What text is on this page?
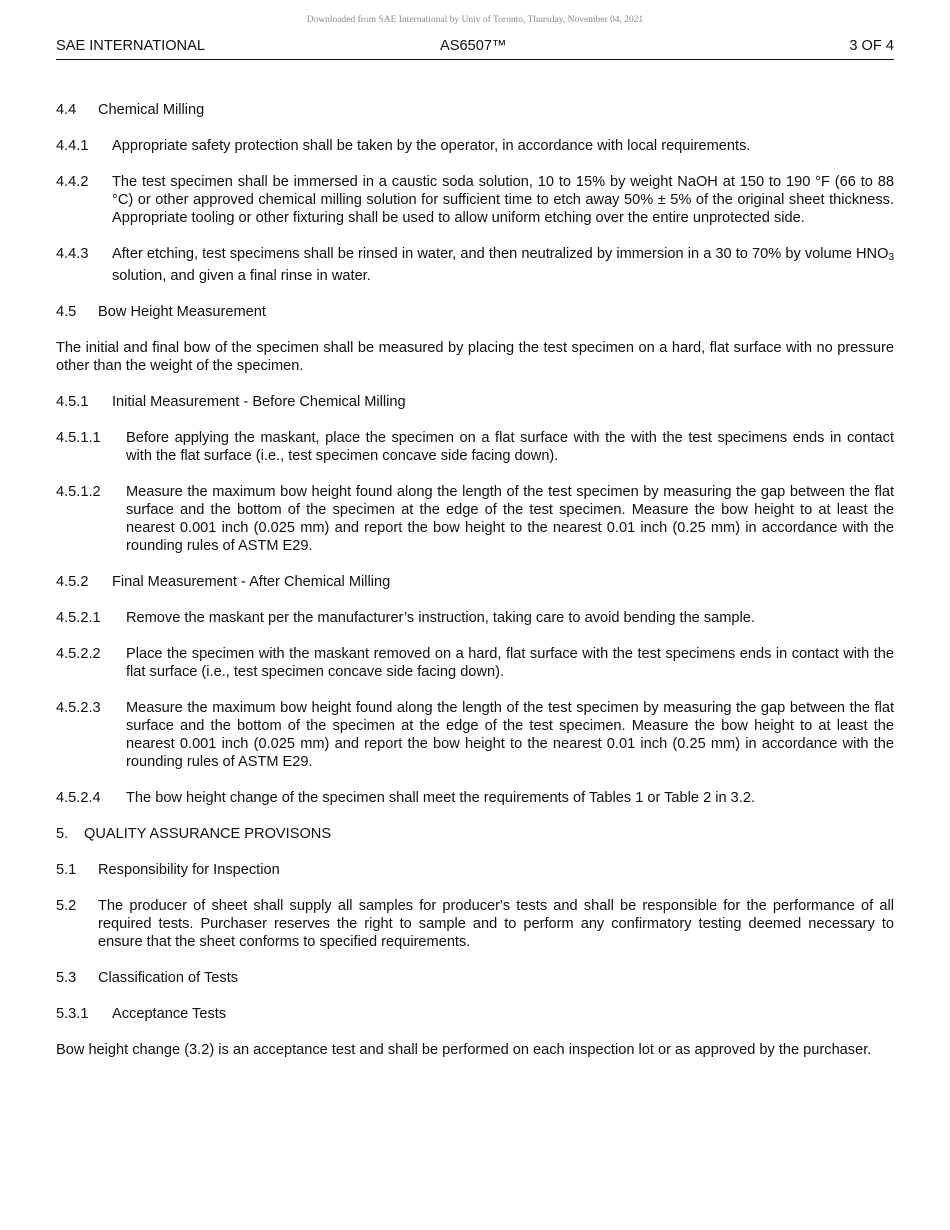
Downloaded from SAE International by Univ of Toronto, Thursday, November 04, 2021
SAE INTERNATIONAL	AS6507™	3 OF 4
4.4	Chemical Milling
4.4.1	Appropriate safety protection shall be taken by the operator, in accordance with local requirements.
4.4.2	The test specimen shall be immersed in a caustic soda solution, 10 to 15% by weight NaOH at 150 to 190 °F (66 to 88 °C) or other approved chemical milling solution for sufficient time to etch away 50% ± 5% of the original sheet thickness. Appropriate tooling or other fixturing shall be used to allow uniform etching over the entire unprotected side.
4.4.3	After etching, test specimens shall be rinsed in water, and then neutralized by immersion in a 30 to 70% by volume $HNO_3$ solution, and given a final rinse in water.
4.5	Bow Height Measurement

The initial and final bow of the specimen shall be measured by placing the test specimen on a hard, flat surface with no pressure other than the weight of the specimen.

4.5.1	Initial Measurement - Before Chemical Milling
4.5.1.1	Before applying the maskant, place the specimen on a flat surface with the with the test specimens ends in contact with the flat surface (i.e., test specimen concave side facing down).
4.5.1.2	Measure the maximum bow height found along the length of the test specimen by measuring the gap between the flat surface and the bottom of the specimen at the edge of the test specimen. Measure the bow height to at least the nearest 0.001 inch (0.025 mm) and report the bow height to the nearest 0.01 inch (0.25 mm) in accordance with the rounding rules of ASTM E29.
4.5.2	Final Measurement - After Chemical Milling
4.5.2.1	Remove the maskant per the manufacturer’s instruction, taking care to avoid bending the sample.
4.5.2.2	Place the specimen with the maskant removed on a hard, flat surface with the test specimens ends in contact with the flat surface (i.e., test specimen concave side facing down).
4.5.2.3	Measure the maximum bow height found along the length of the test specimen by measuring the gap between the flat surface and the bottom of the specimen at the edge of the test specimen. Measure the bow height to at least the nearest 0.001 inch (0.025 mm) and report the bow height to the nearest 0.01 inch (0.25 mm) in accordance with the rounding rules of ASTM E29.
4.5.2.4	The bow height change of the specimen shall meet the requirements of Tables 1 or Table 2 in 3.2.
5.	QUALITY ASSURANCE PROVISONS
5.1	Responsibility for Inspection
5.2	The producer of sheet shall supply all samples for producer's tests and shall be responsible for the performance of all required tests. Purchaser reserves the right to sample and to perform any confirmatory testing deemed necessary to ensure that the sheet conforms to specified requirements.
5.3	Classification of Tests
5.3.1	Acceptance Tests

Bow height change (3.2) is an acceptance test and shall be performed on each inspection lot or as approved by the purchaser.
